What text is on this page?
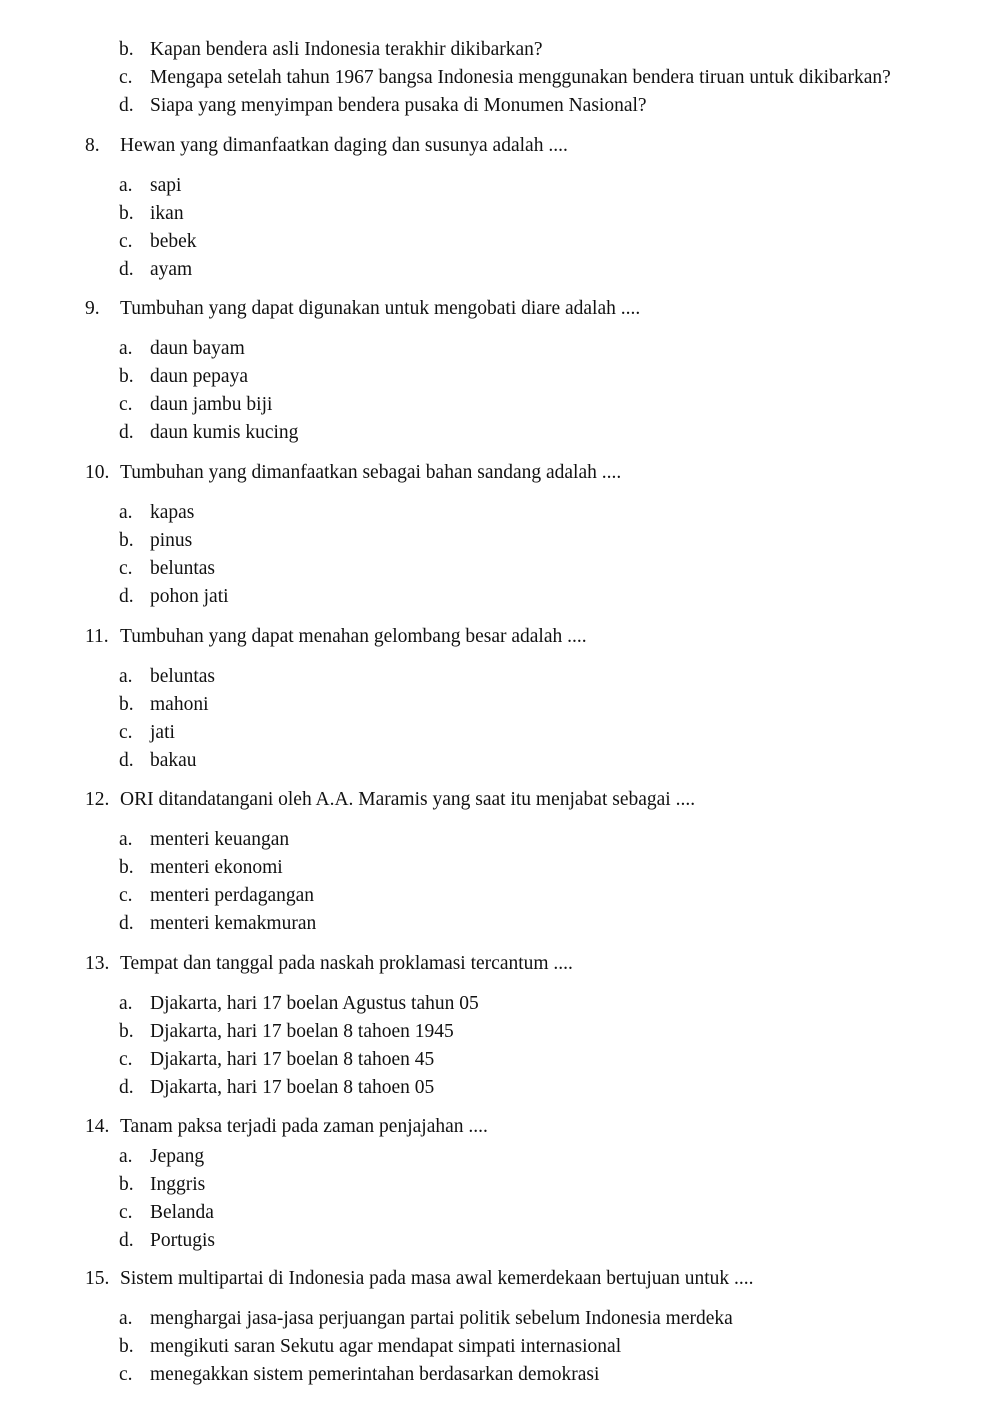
b. Kapan bendera asli Indonesia terakhir dikibarkan?
c. Mengapa setelah tahun 1967 bangsa Indonesia menggunakan bendera tiruan untuk dikibarkan?
d. Siapa yang menyimpan bendera pusaka di Monumen Nasional?
8.	Hewan yang dimanfaatkan daging dan susunya adalah ....
a. sapi
b. ikan
c. bebek
d. ayam
9.	Tumbuhan yang dapat digunakan untuk mengobati diare adalah ....
a. daun bayam
b. daun pepaya
c. daun jambu biji
d. daun kumis kucing
10. Tumbuhan yang dimanfaatkan sebagai bahan sandang adalah ....
a. kapas
b. pinus
c. beluntas
d. pohon jati
11. Tumbuhan yang dapat menahan gelombang besar adalah ....
a. beluntas
b. mahoni
c. jati
d. bakau
12. ORI ditandatangani oleh A.A. Maramis yang saat itu menjabat sebagai ....
a. menteri keuangan
b. menteri ekonomi
c. menteri perdagangan
d. menteri kemakmuran
13. Tempat dan tanggal pada naskah proklamasi tercantum ....
a. Djakarta, hari 17 boelan Agustus tahun 05
b. Djakarta, hari 17 boelan 8 tahoen 1945
c. Djakarta, hari 17 boelan 8 tahoen 45
d. Djakarta, hari 17 boelan 8 tahoen 05
14. Tanam paksa terjadi pada zaman penjajahan ....
a. Jepang
b. Inggris
c. Belanda
d. Portugis
15. Sistem multipartai di Indonesia pada masa awal kemerdekaan bertujuan untuk ....
a. menghargai jasa-jasa perjuangan partai politik sebelum Indonesia merdeka
b. mengikuti saran Sekutu agar mendapat simpati internasional
c. menegakkan sistem pemerintahan berdasarkan demokrasi
